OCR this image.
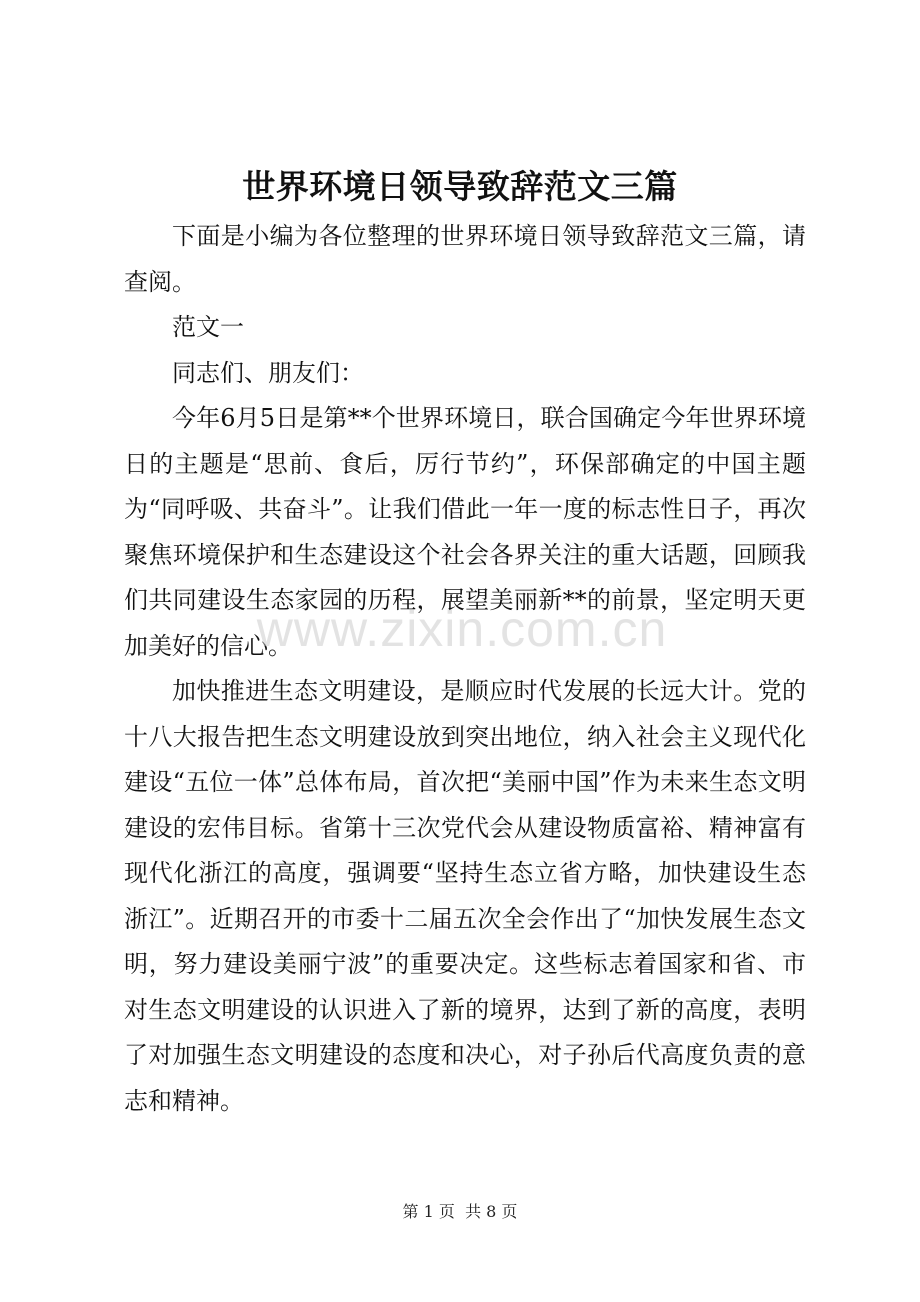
世界环境日领导致辞范文三篇

下面是小编为各位整理的世界环境日领导致辞范文三篇，请查阅。

范文一

同志们、朋友们：

今年6月5日是第**个世界环境日，联合国确定今年世界环境日的主题是“思前、食后，厉行节约”，环保部确定的中国主题为“同呼吸、共奋斗”。让我们借此一年一度的标志性日子，再次聚焦环境保护和生态建设这个社会各界关注的重大话题，回顾我们共同建设生态家园的历程，展望美丽新**的前景，坚定明天更加美好的信心。

加快推进生态文明建设，是顺应时代发展的长远大计。党的十八大报告把生态文明建设放到突出地位，纳入社会主义现代化建设“五位一体”总体布局，首次把“美丽中国”作为未来生态文明建设的宏伟目标。省第十三次党代会从建设物质富裕、精神富有现代化浙江的高度，强调要“坚持生态立省方略，加快建设生态浙江”。近期召开的市委十二届五次全会作出了“加快发展生态文明，努力建设美丽宁波”的重要决定。这些标志着国家和省、市对生态文明建设的认识进入了新的境界，达到了新的高度，表明了对加强生态文明建设的态度和决心，对子孙后代高度负责的意志和精神。

www.zixin.com.cn
第 1 页 共 8 页
